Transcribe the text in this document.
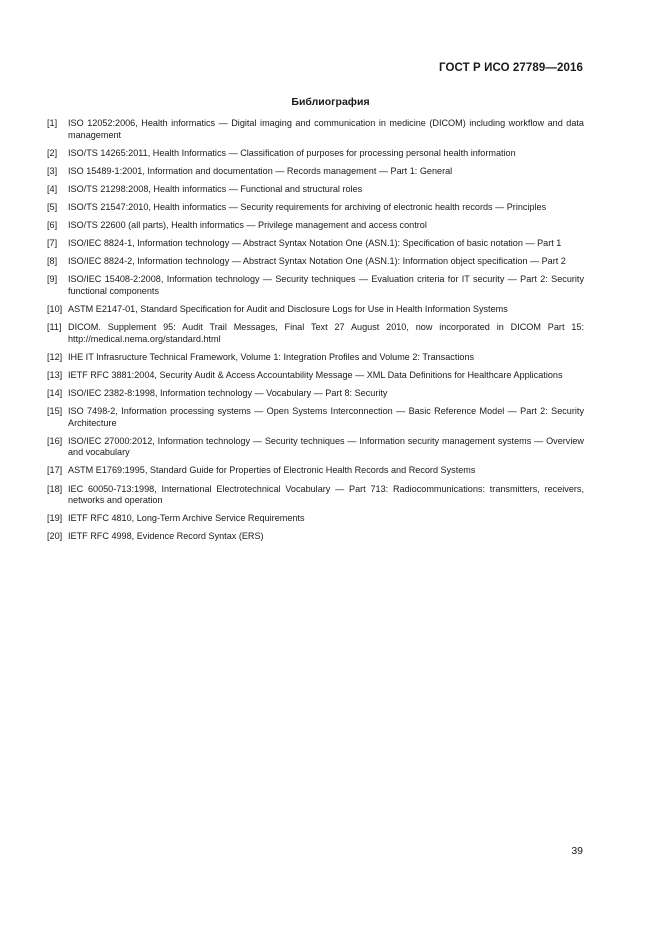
ГОСТ Р ИСО 27789—2016
Библиография
[1]	ISO 12052:2006, Health informatics — Digital imaging and communication in medicine (DICOM) including workflow and data management
[2]	ISO/TS 14265:2011, Health Informatics — Classification of purposes for processing personal health information
[3]	ISO 15489-1:2001, Information and documentation — Records management — Part 1: General
[4]	ISO/TS 21298:2008, Health informatics — Functional and structural roles
[5]	ISO/TS 21547:2010, Health informatics — Security requirements for archiving of electronic health records — Principles
[6]	ISO/TS 22600 (all parts), Health informatics — Privilege management and access control
[7]	ISO/IEC 8824-1, Information technology — Abstract Syntax Notation One (ASN.1): Specification of basic notation — Part 1
[8]	ISO/IEC 8824-2, Information technology — Abstract Syntax Notation One (ASN.1): Information object specification — Part 2
[9]	ISO/IEC 15408-2:2008, Information technology — Security techniques — Evaluation criteria for IT security — Part 2: Security functional components
[10] ASTM E2147-01, Standard Specification for Audit and Disclosure Logs for Use in Health Information Systems
[11] DICOM. Supplement 95: Audit Trail Messages, Final Text 27 August 2010, now incorporated in DICOM Part 15: http://medical.nema.org/standard.html
[12] IHE IT Infrasructure Technical Framework, Volume 1: Integration Profiles and Volume 2: Transactions
[13] IETF RFC 3881:2004, Security Audit & Access Accountability Message — XML Data Definitions for Healthcare Applications
[14] ISO/IEC 2382-8:1998, Information technology — Vocabulary — Part 8: Security
[15] ISO 7498-2, Information processing systems — Open Systems Interconnection — Basic Reference Model — Part 2: Security Architecture
[16] ISO/IEC 27000:2012, Information technology — Security techniques — Information security management systems — Overview and vocabulary
[17] ASTM E1769:1995, Standard Guide for Properties of Electronic Health Records and Record Systems
[18] IEC 60050-713:1998, International Electrotechnical Vocabulary — Part 713: Radiocommunications: transmitters, receivers, networks and operation
[19] IETF RFC 4810, Long-Term Archive Service Requirements
[20] IETF RFC 4998, Evidence Record Syntax (ERS)
39
